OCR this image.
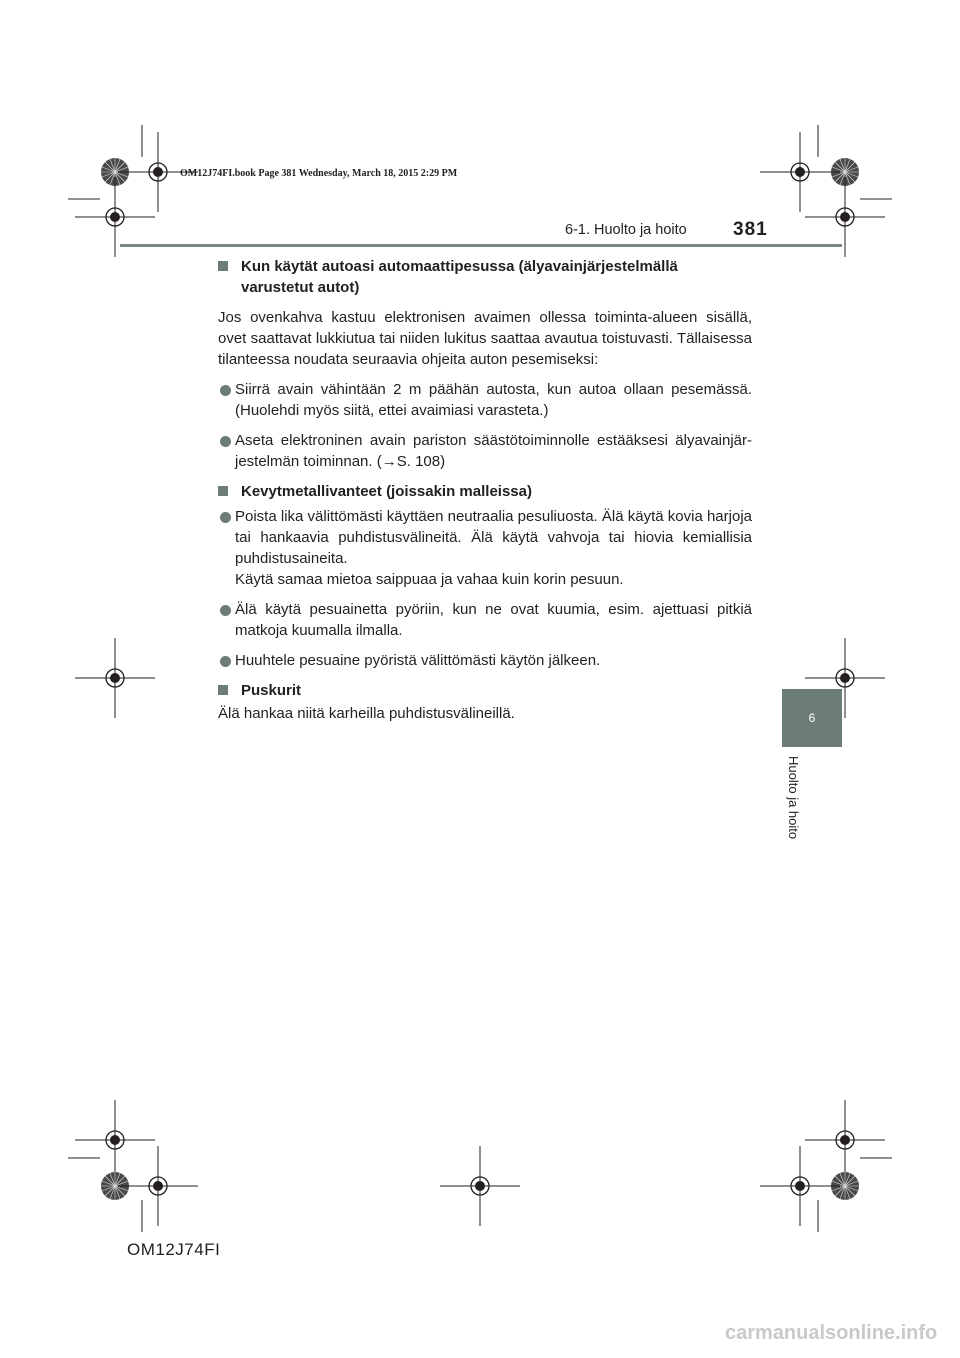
OM12J74FI.book Page 381 Wednesday, March 18, 2015 2:29 PM
6-1. Huolto ja hoito 381
6
Huolto ja hoito

Kun käytät autoasi automaattipesussa (älyavainjärjestelmällä varustetut autot)

Jos ovenkahva kastuu elektronisen avaimen ollessa toiminta-alueen sisällä, ovet saattavat lukkiutua tai niiden lukitus saattaa avautua toistuvasti. Tällaisessa tilanteessa noudata seuraavia ohjeita auton pesemiseksi:

Siirrä avain vähintään 2 m päähän autosta, kun autoa ollaan pesemässä. (Huolehdi myös siitä, ettei avaimiasi varasteta.)

Aseta elektroninen avain pariston säästötoiminnolle estääksesi älyavainjärjestelmän toiminnan. (→S. 108)

Kevytmetallivanteet (joissakin malleissa)

Poista lika välittömästi käyttäen neutraalia pesuliuosta. Älä käytä kovia harjoja tai hankaavia puhdistusvälineitä. Älä käytä vahvoja tai hiovia kemiallisia puhdistusaineita.
Käytä samaa mietoa saippuaa ja vahaa kuin korin pesuun.

Älä käytä pesuainetta pyöriin, kun ne ovat kuumia, esim. ajettuasi pitkiä matkoja kuumalla ilmalla.

Huuhtele pesuaine pyöristä välittömästi käytön jälkeen.

Puskurit

Älä hankaa niitä karheilla puhdistusvälineillä.

OM12J74FI
carmanualsonline.info
